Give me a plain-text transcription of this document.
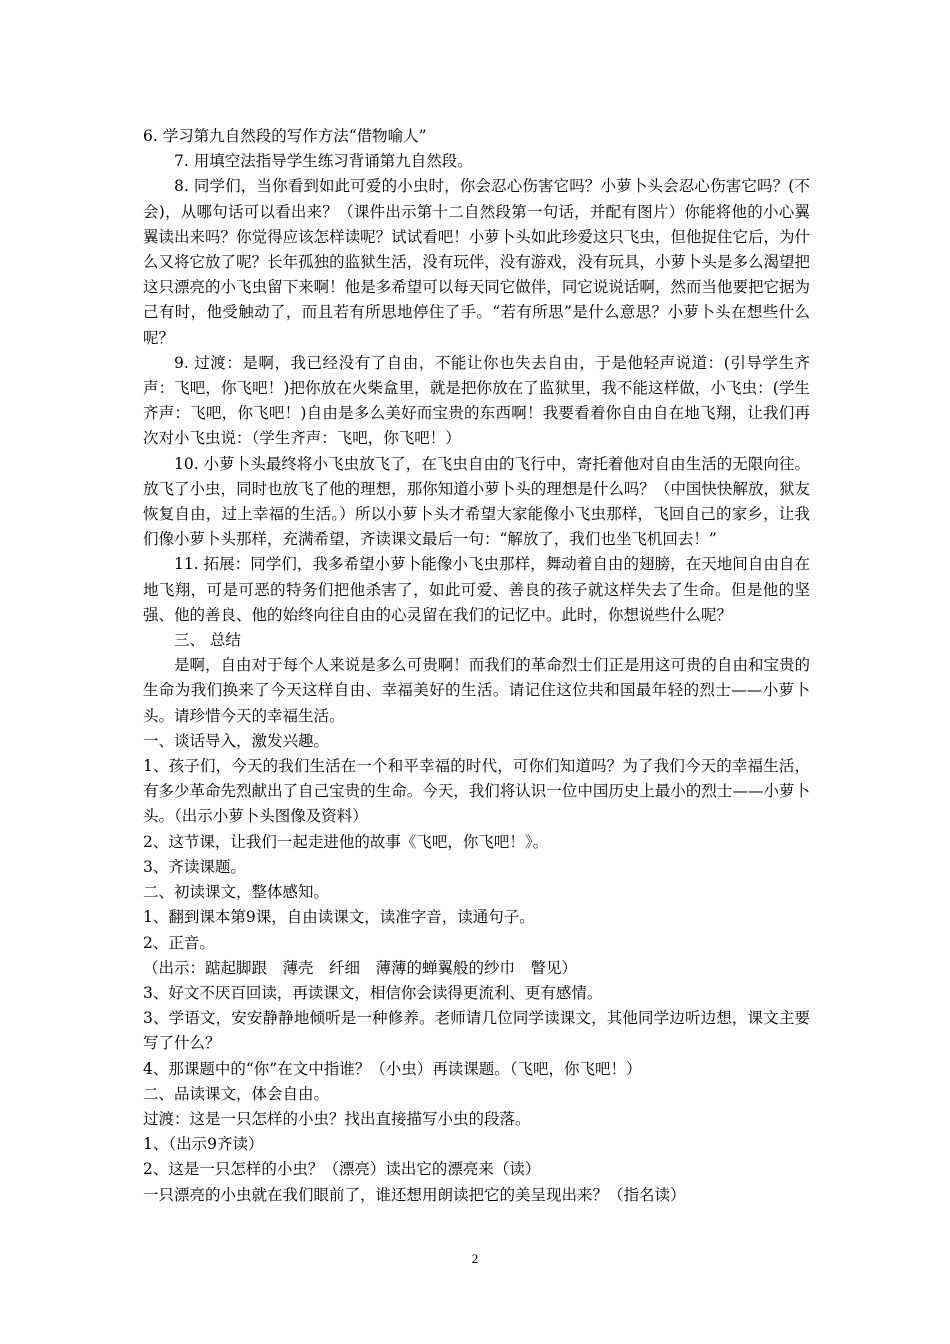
6. 学习第九自然段的写作方法“借物喻人”

7. 用填空法指导学生练习背诵第九自然段。

8. 同学们，当你看到如此可爱的小虫时，你会忍心伤害它吗？小萝卜头会忍心伤害它吗？(不会)，从哪句话可以看出来？（课件出示第十二自然段第一句话，并配有图片）你能将他的小心翼翼读出来吗？你觉得应该怎样读呢？试试看吧！小萝卜头如此珍爱这只飞虫，但他捉住它后，为什么又将它放了呢？长年孤独的监狱生活，没有玩伴，没有游戏，没有玩具，小萝卜头是多么渴望把这只漂亮的小飞虫留下来啊！他是多希望可以每天同它做伴，同它说说话啊，然而当他要把它据为己有时，他受触动了，而且若有所思地停住了手。“若有所思”是什么意思？小萝卜头在想些什么呢？

9. 过渡：是啊，我已经没有了自由，不能让你也失去自由，于是他轻声说道：(引导学生齐声：飞吧，你飞吧！)把你放在火柴盒里，就是把你放在了监狱里，我不能这样做，小飞虫：(学生齐声：飞吧，你飞吧！)自由是多么美好而宝贵的东西啊！我要看着你自由自在地飞翔，让我们再次对小飞虫说：（学生齐声：飞吧，你飞吧！）

10. 小萝卜头最终将小飞虫放飞了，在飞虫自由的飞行中，寄托着他对自由生活的无限向往。放飞了小虫，同时也放飞了他的理想，那你知道小萝卜头的理想是什么吗？（中国快快解放，狱友恢复自由，过上幸福的生活。）所以小萝卜头才希望大家能像小飞虫那样，飞回自己的家乡，让我们像小萝卜头那样，充满希望，齐读课文最后一句：“解放了，我们也坐飞机回去！”

11. 拓展：同学们，我多希望小萝卜能像小飞虫那样，舞动着自由的翅膀，在天地间自由自在地飞翔，可是可恶的特务们把他杀害了，如此可爱、善良的孩子就这样失去了生命。但是他的坚强、他的善良、他的始终向往自由的心灵留在我们的记忆中。此时，你想说些什么呢？

三、 总结

是啊，自由对于每个人来说是多么可贵啊！而我们的革命烈士们正是用这可贵的自由和宝贵的生命为我们换来了今天这样自由、幸福美好的生活。请记住这位共和国最年轻的烈士——小萝卜头。请珍惜今天的幸福生活。

一、谈话导入，激发兴趣。

1、孩子们，今天的我们生活在一个和平幸福的时代，可你们知道吗？为了我们今天的幸福生活，有多少革命先烈献出了自己宝贵的生命。今天，我们将认识一位中国历史上最小的烈士——小萝卜头。（出示小萝卜头图像及资料）

2、这节课，让我们一起走进他的故事《飞吧，你飞吧！》。

3、齐读课题。

二、初读课文，整体感知。

1、翻到课本第9课，自由读课文，读准字音，读通句子。

2、正音。

（出示：踮起脚跟　薄壳　纤细　薄薄的蝉翼般的纱巾　瞥见）

3、好文不厌百回读，再读课文，相信你会读得更流利、更有感情。

3、学语文，安安静静地倾听是一种修养。老师请几位同学读课文，其他同学边听边想，课文主要写了什么？

4、那课题中的“你”在文中指谁？（小虫）再读课题。（飞吧，你飞吧！）

二、品读课文，体会自由。

过渡：这是一只怎样的小虫？找出直接描写小虫的段落。

1、（出示9齐读）

2、这是一只怎样的小虫？（漂亮）读出它的漂亮来（读）

一只漂亮的小虫就在我们眼前了，谁还想用朗读把它的美呈现出来？（指名读）

2
